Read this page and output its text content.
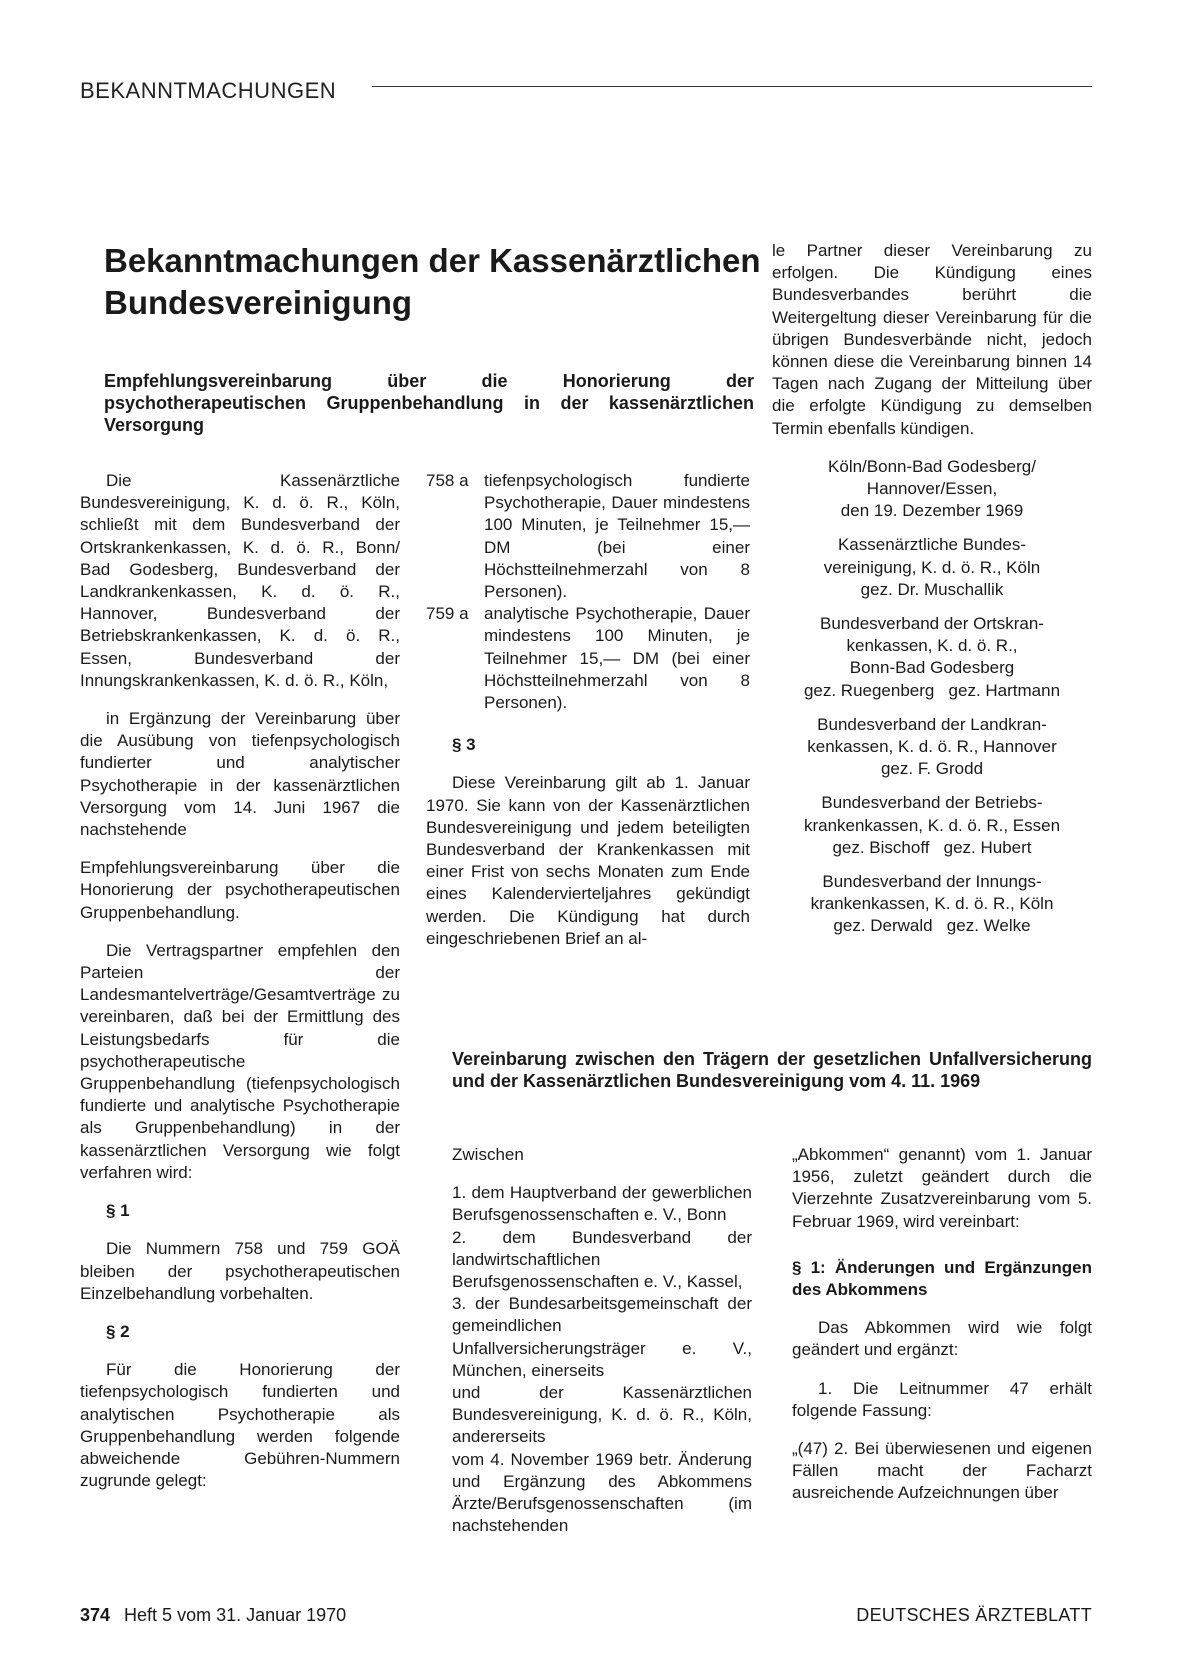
BEKANNTMACHUNGEN
Bekanntmachungen der Kassenärztlichen Bundesvereinigung
Empfehlungsvereinbarung über die Honorierung der psychotherapeutischen Gruppenbehandlung in der kassenärztlichen Versorgung

Die Kassenärztliche Bundesvereinigung, K. d. ö. R., Köln, schließt mit dem Bundesverband der Ortskrankenkassen, K. d. ö. R., Bonn/ Bad Godesberg, Bundesverband der Landkrankenkassen, K. d. ö. R., Hannover, Bundesverband der Betriebskrankenkassen, K. d. ö. R., Essen, Bundesverband der Innungskrankenkassen, K. d. ö. R., Köln,

in Ergänzung der Vereinbarung über die Ausübung von tiefenpsychologisch fundierter und analytischer Psychotherapie in der kassenärztlichen Versorgung vom 14. Juni 1967 die nachstehende

Empfehlungsvereinbarung über die Honorierung der psychotherapeutischen Gruppenbehandlung.

Die Vertragspartner empfehlen den Parteien der Landesmantelverträge/Gesamtverträge zu vereinbaren, daß bei der Ermittlung des Leistungsbedarfs für die psychotherapeutische Gruppenbehandlung (tiefenpsychologisch fundierte und analytische Psychotherapie als Gruppenbehandlung) in der kassenärztlichen Versorgung wie folgt verfahren wird:

§ 1

Die Nummern 758 und 759 GOÄ bleiben der psychotherapeutischen Einzelbehandlung vorbehalten.

§ 2

Für die Honorierung der tiefenpsychologisch fundierten und analytischen Psychotherapie als Gruppenbehandlung werden folgende abweichende Gebühren-Nummern zugrunde gelegt:

758 a tiefenpsychologisch fundierte Psychotherapie, Dauer mindestens 100 Minuten, je Teilnehmer 15,— DM (bei einer Höchstteilnehmerzahl von 8 Personen).
759 a analytische Psychotherapie, Dauer mindestens 100 Minuten, je Teilnehmer 15,— DM (bei einer Höchstteilnehmerzahl von 8 Personen).

§ 3

Diese Vereinbarung gilt ab 1. Januar 1970. Sie kann von der Kassenärztlichen Bundesvereinigung und jedem beteiligten Bundesverband der Krankenkassen mit einer Frist von sechs Monaten zum Ende eines Kalendervierteljahres gekündigt werden. Die Kündigung hat durch eingeschriebenen Brief an al-

le Partner dieser Vereinbarung zu erfolgen. Die Kündigung eines Bundesverbandes berührt die Weitergeltung dieser Vereinbarung für die übrigen Bundesverbände nicht, jedoch können diese die Vereinbarung binnen 14 Tagen nach Zugang der Mitteilung über die erfolgte Kündigung zu demselben Termin ebenfalls kündigen.

Köln/Bonn-Bad Godesberg/

Hannover/Essen,

den 19. Dezember 1969

Kassenärztliche Bundes-

vereinigung, K. d. ö. R., Köln

gez. Dr. Muschallik

Bundesverband der Ortskran-

kenkassen, K. d. ö. R.,

Bonn-Bad Godesberg

gez. Ruegenberg   gez. Hartmann

Bundesverband der Landkran-

kenkassen, K. d. ö. R., Hannover

gez. F. Grodd

Bundesverband der Betriebs-

krankenkassen, K. d. ö. R., Essen

gez. Bischoff   gez. Hubert

Bundesverband der Innungs-

krankenkassen, K. d. ö. R., Köln

gez. Derwald   gez. Welke

Vereinbarung zwischen den Trägern der gesetzlichen Unfallversicherung und der Kassenärztlichen Bundesvereinigung vom 4. 11. 1969

Zwischen

1. dem Hauptverband der gewerblichen Berufsgenossenschaften e. V., Bonn

2. dem Bundesverband der landwirtschaftlichen Berufsgenossenschaften e. V., Kassel,

3. der Bundesarbeitsgemeinschaft der gemeindlichen Unfallversicherungsträger e. V., München, einerseits

und der Kassenärztlichen Bundesvereinigung, K. d. ö. R., Köln, andererseits

vom 4. November 1969 betr. Änderung und Ergänzung des Abkommens Ärzte/Berufsgenossenschaften (im nachstehenden

„Abkommen“ genannt) vom 1. Januar 1956, zuletzt geändert durch die Vierzehnte Zusatzvereinbarung vom 5. Februar 1969, wird vereinbart:

§ 1: Änderungen und Ergänzungen des Abkommens

Das Abkommen wird wie folgt geändert und ergänzt:

1. Die Leitnummer 47 erhält folgende Fassung:

„(47) 2. Bei überwiesenen und eigenen Fällen macht der Facharzt ausreichende Aufzeichnungen über

374 Heft 5 vom 31. Januar 1970	DEUTSCHES ÄRZTEBLATT
